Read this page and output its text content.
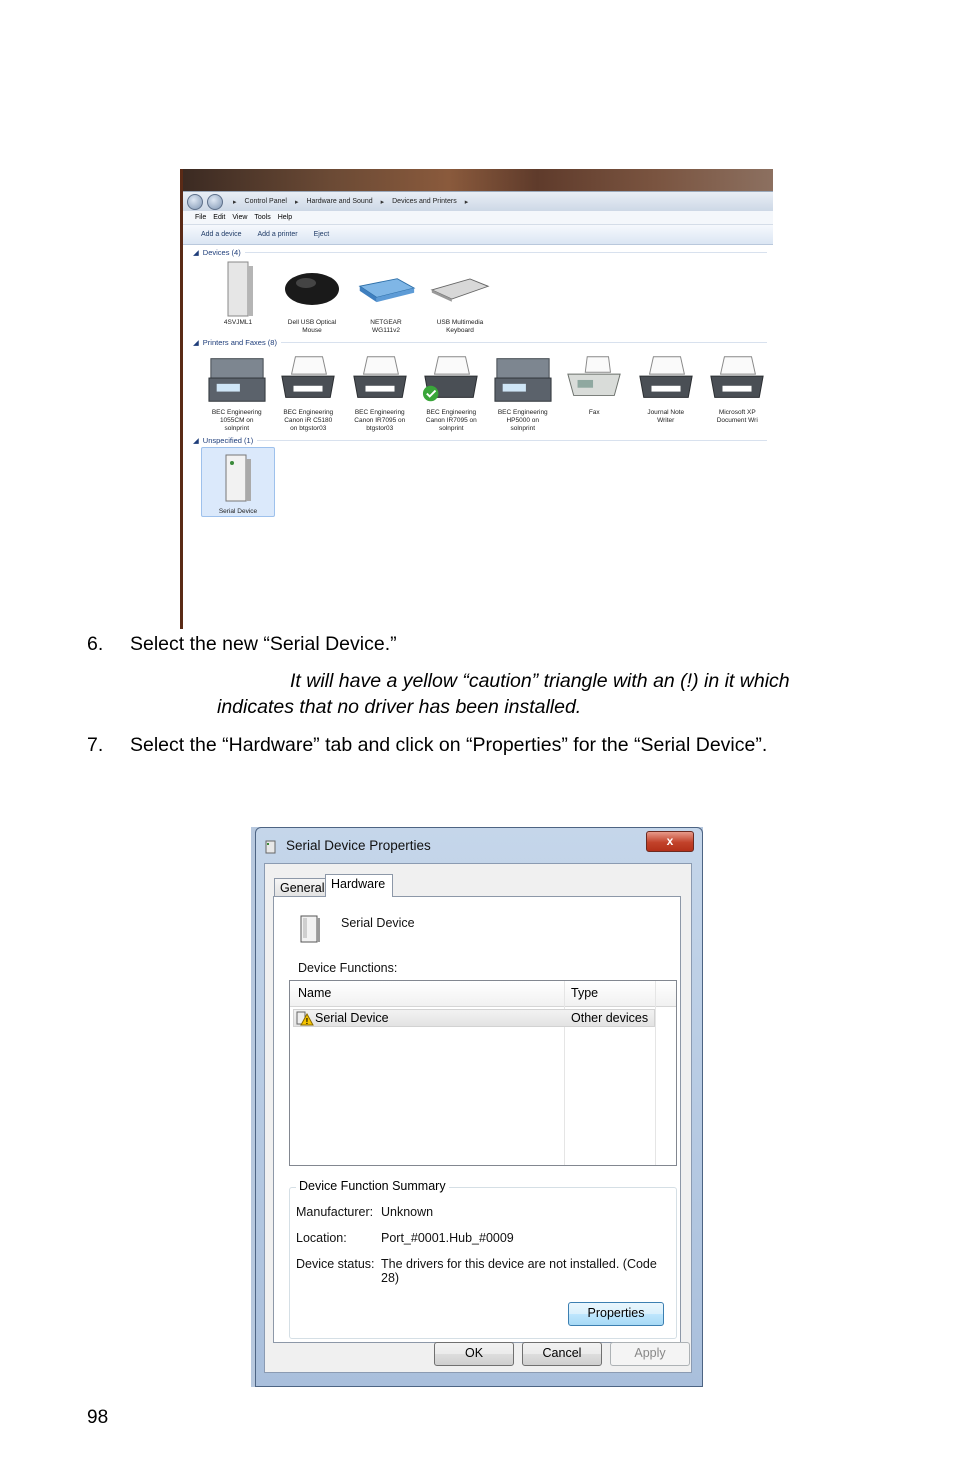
▸ Control Panel ▸ Hardware and Sound ▸ Devices and Printers ▸
File Edit View Tools Help
Add a device Add a printer Eject
◢ Devices (4)
4SVJML1	Dell USB Optical
Mouse
NETGEAR
WG111v2
USB Multimedia
Keyboard
◢ Printers and Faxes (8)
BEC Engineering
1055CM on
solnprint
BEC Engineering
Canon iR C5180
on btgstor03
BEC Engineering
Canon IR7095 on
btgstor03
BEC Engineering
Canon IR7095 on
solnprint
BEC Engineering
HP5000 on
solnprint
Fax	Journal Note
Writer
Microsoft XP
Document Wri
◢ Unspecified (1)
Serial Device
6. Select the new “Serial Device.”
It will have a yellow “caution” triangle with an (!) in it which
indicates that no driver has been installed.
7. Select the “Hardware” tab and click on “Properties” for the “Serial Device”.
Serial Device Properties	x
General Hardware
Serial Device
Device Functions:
Name	Type
! Serial Device	Other devices
Device Function Summary
Manufacturer: Unknown
Location:	Port_#0001.Hub_#0009
Device status: The drivers for this device are not installed. (Code 28)
Properties
OK	Cancel	Apply
98
